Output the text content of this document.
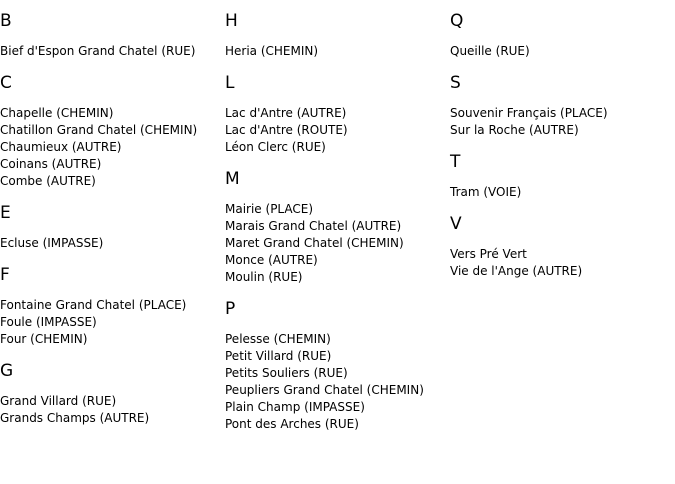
B
Bief d'Espon Grand Chatel (RUE)
C
Chapelle (CHEMIN)
Chatillon Grand Chatel (CHEMIN)
Chaumieux (AUTRE)
Coinans (AUTRE)
Combe (AUTRE)
E
Ecluse (IMPASSE)
F
Fontaine Grand Chatel (PLACE)
Foule (IMPASSE)
Four (CHEMIN)
G
Grand Villard (RUE)
Grands Champs (AUTRE)
H
Heria (CHEMIN)
L
Lac d'Antre (AUTRE)
Lac d'Antre (ROUTE)
Léon Clerc (RUE)
M
Mairie (PLACE)
Marais Grand Chatel (AUTRE)
Maret Grand Chatel (CHEMIN)
Monce (AUTRE)
Moulin (RUE)
P
Pelesse (CHEMIN)
Petit Villard (RUE)
Petits Souliers (RUE)
Peupliers Grand Chatel (CHEMIN)
Plain Champ (IMPASSE)
Pont des Arches (RUE)
Q
Queille (RUE)
S
Souvenir Français (PLACE)
Sur la Roche (AUTRE)
T
Tram (VOIE)
V
Vers Pré Vert
Vie de l'Ange (AUTRE)
